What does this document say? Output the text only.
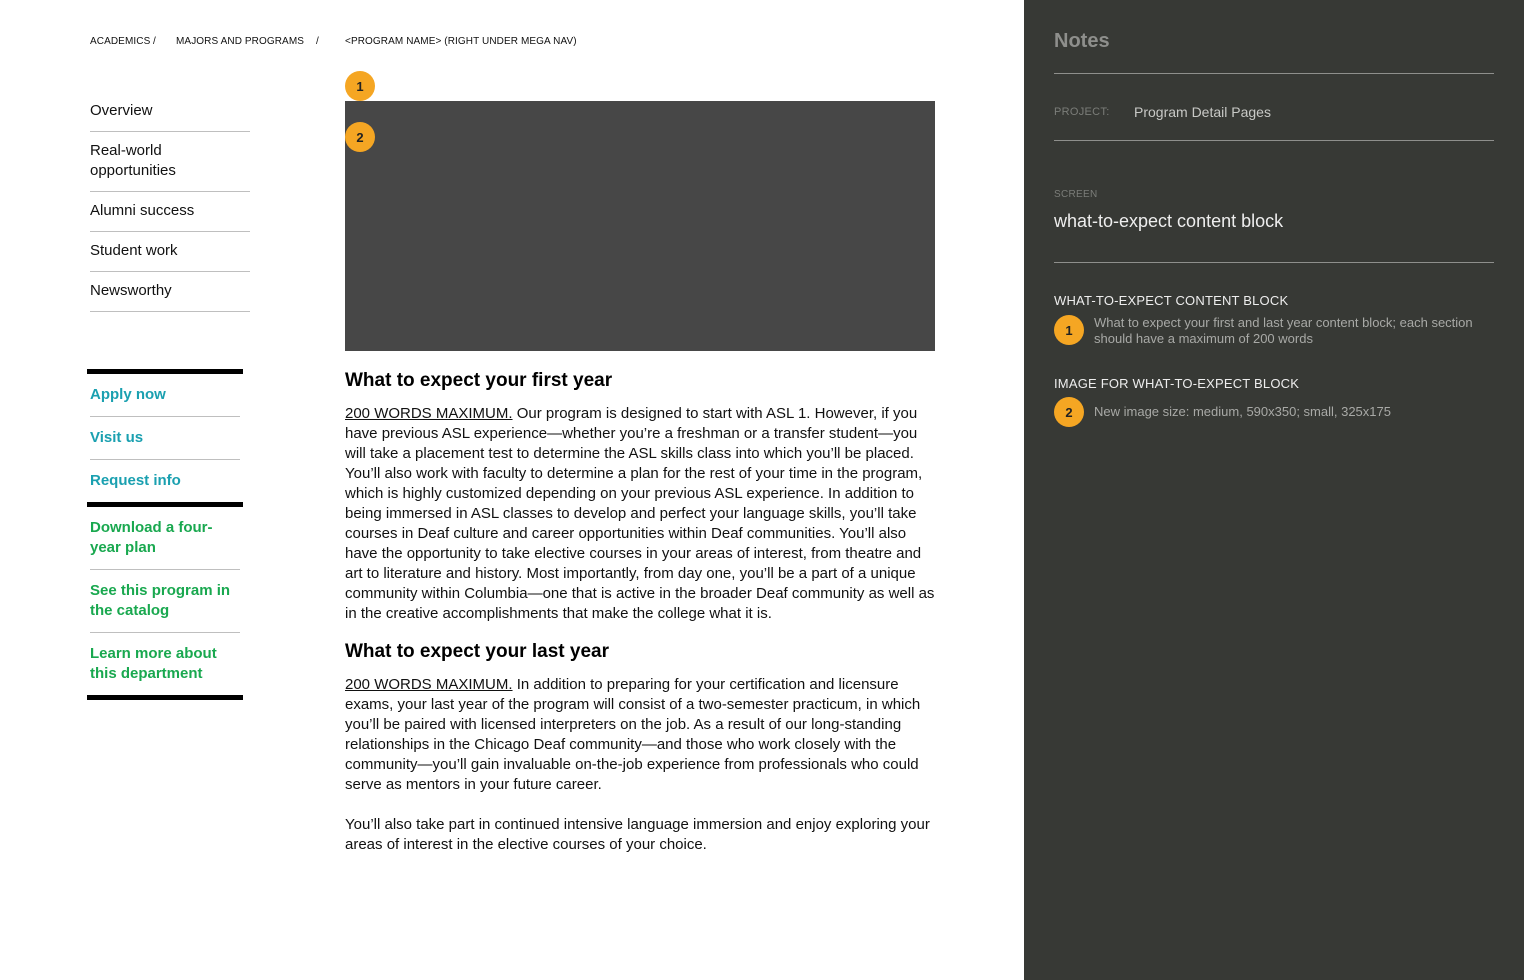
ACADEMICS / MAJORS AND PROGRAMS /	<PROGRAM NAME> (RIGHT UNDER MEGA NAV)
Overview
Real-world opportunities
Alumni success
Student work
Newsworthy
Apply now
Visit us
Request info
Download a four-year plan
See this program in the catalog
Learn more about this department
1
2
What to expect your first year

200 WORDS MAXIMUM. Our program is designed to start with ASL 1. However, if you have previous ASL experience—whether you’re a freshman or a transfer student—you will take a placement test to determine the ASL skills class into which you’ll be placed. You’ll also work with faculty to determine a plan for the rest of your time in the program, which is highly customized depending on your previous ASL experience. In addition to being immersed in ASL classes to develop and perfect your language skills, you’ll take courses in Deaf culture and career opportunities within Deaf communities. You’ll also have the opportunity to take elective courses in your areas of interest, from theatre and art to literature and history. Most importantly, from day one, you’ll be a part of a unique community within Columbia—one that is active in the broader Deaf community as well as in the creative accomplishments that make the college what it is.

What to expect your last year

200 WORDS MAXIMUM. In addition to preparing for your certification and licensure exams, your last year of the program will consist of a two-semester practicum, in which you’ll be paired with licensed interpreters on the job. As a result of our long-standing relationships in the Chicago Deaf community—and those who work closely with the community—you’ll gain invaluable on-the-job experience from professionals who could serve as mentors in your future career.

You’ll also take part in continued intensive language immersion and enjoy exploring your areas of interest in the elective courses of your choice.

Notes
PROJECT: Program Detail Pages
SCREEN
what-to-expect content block
WHAT-TO-EXPECT CONTENT BLOCK
1	What to expect your first and last year content block; each section should have a maximum of 200 words
IMAGE FOR WHAT-TO-EXPECT BLOCK
2	New image size: medium, 590x350; small, 325x175
